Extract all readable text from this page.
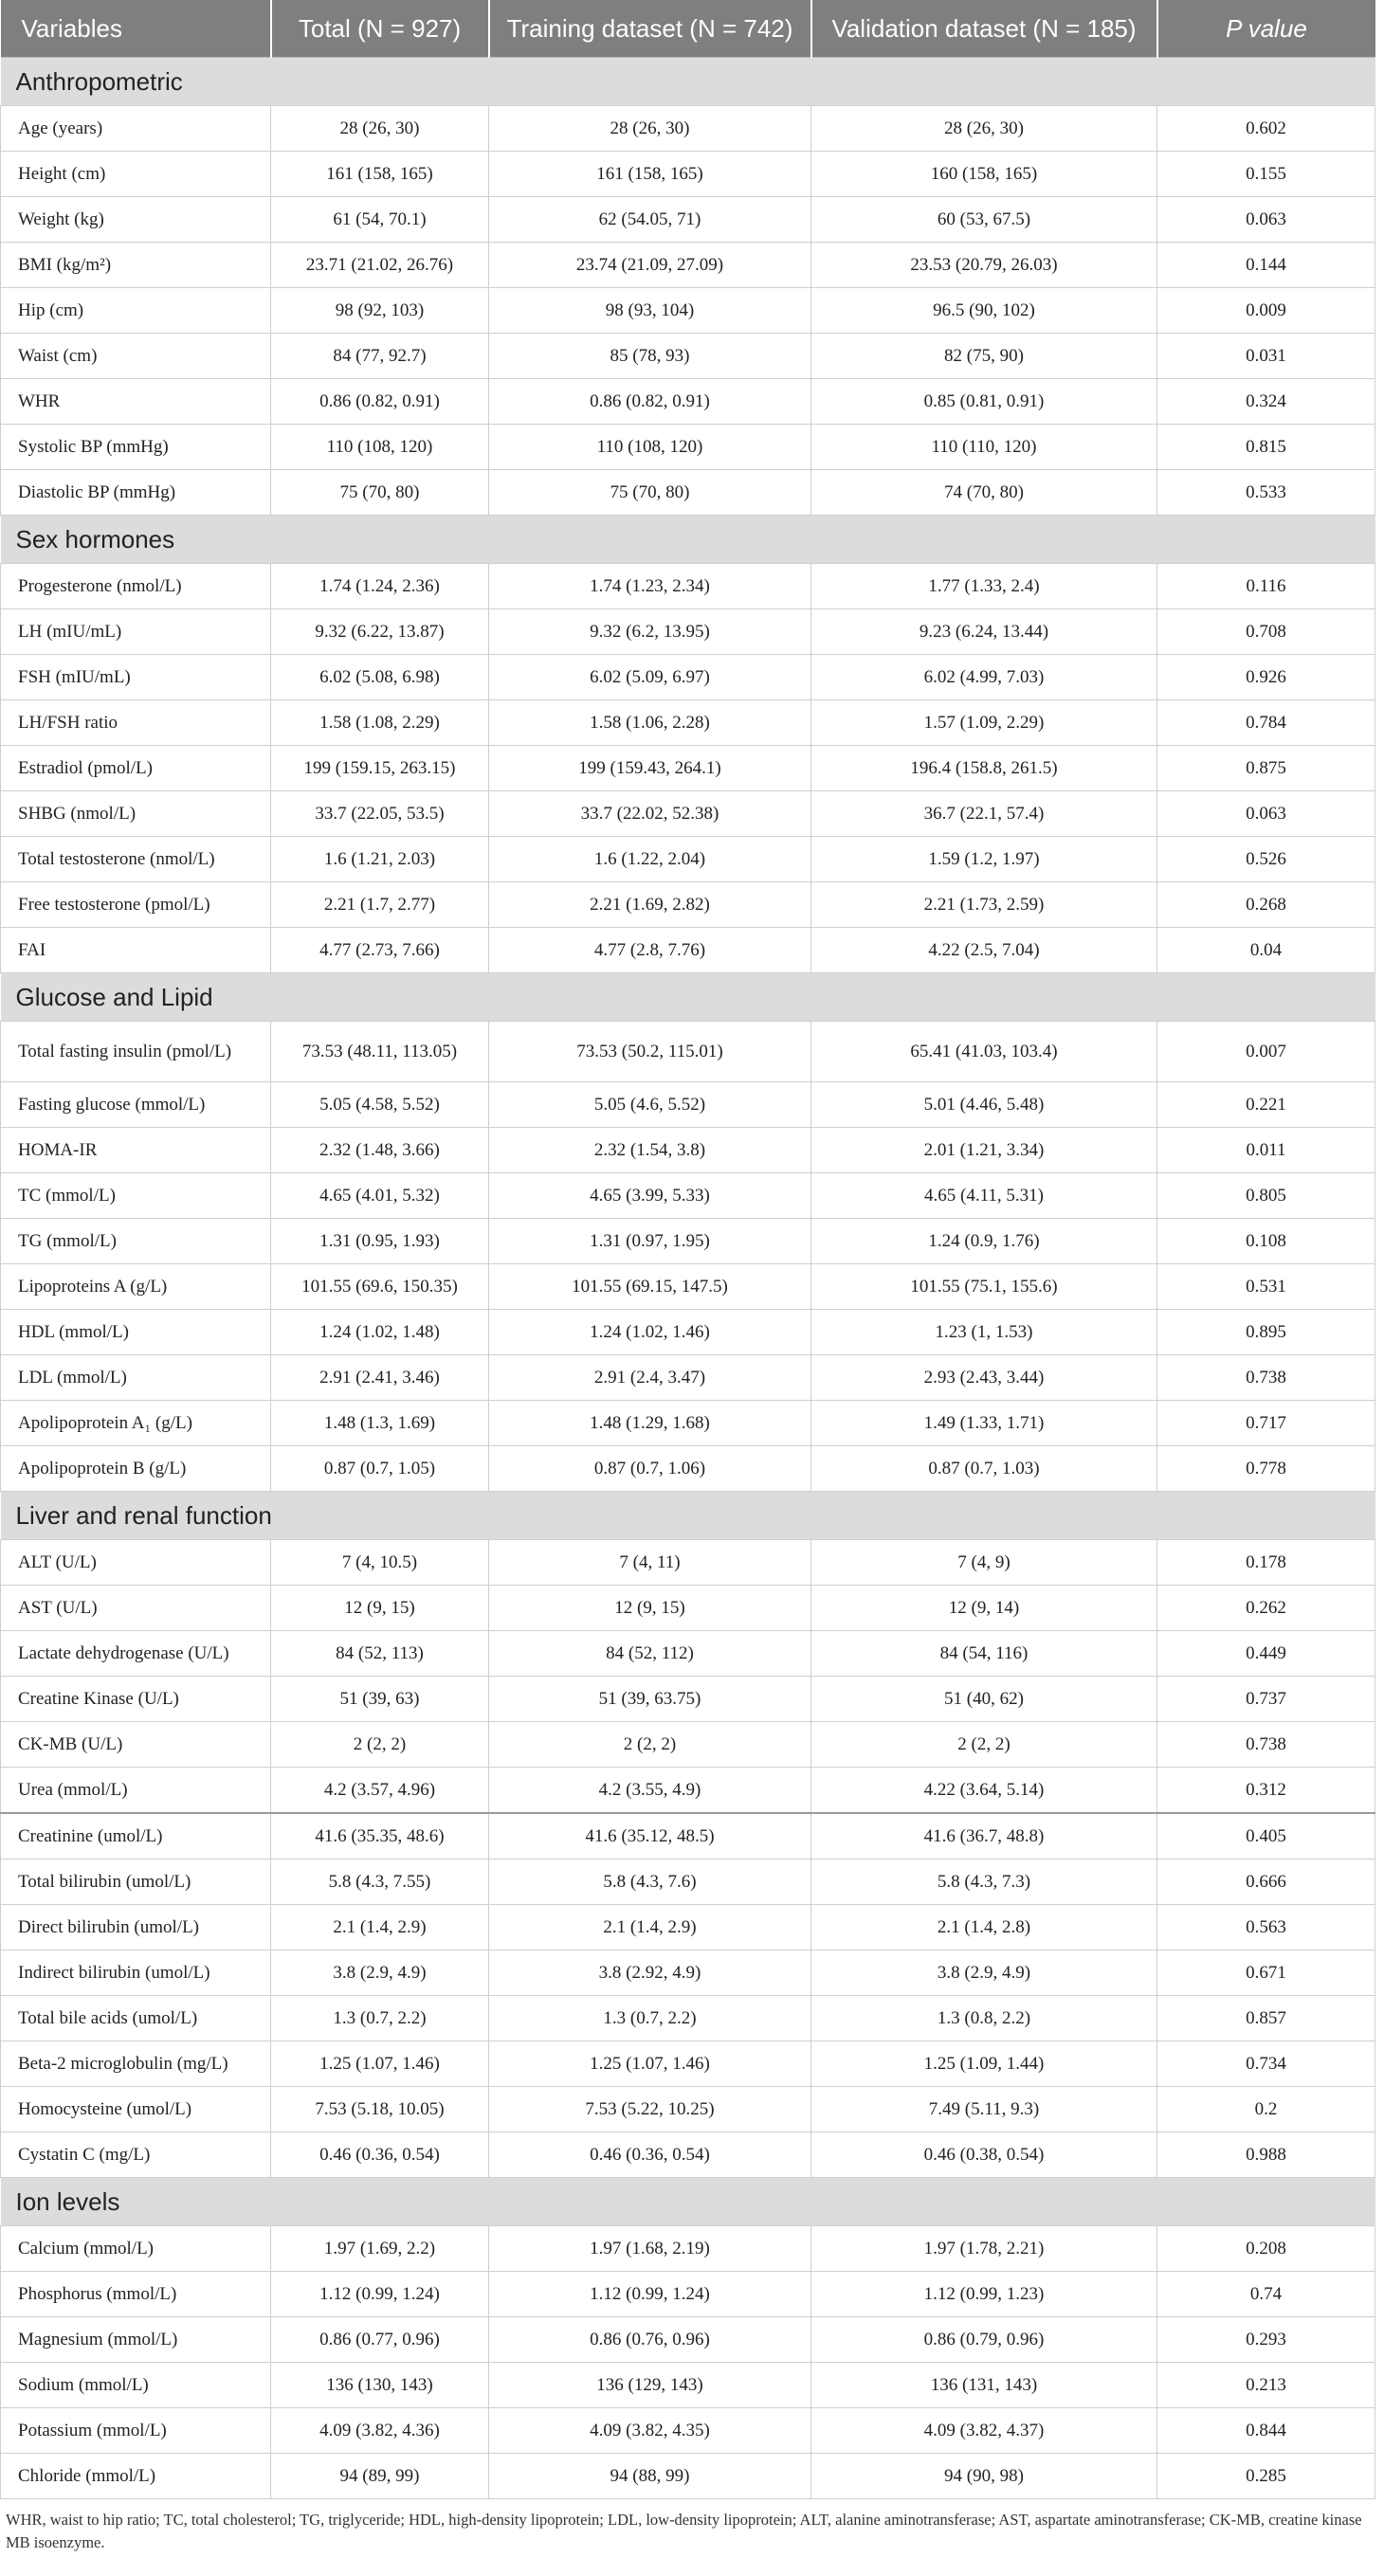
Variables	Total (N = 927)	Training dataset (N = 742)	Validation dataset (N = 185)	P value
Anthropometric				
Age (years)	28 (26, 30)	28 (26, 30)	28 (26, 30)	0.602
Height (cm)	161 (158, 165)	161 (158, 165)	160 (158, 165)	0.155
Weight (kg)	61 (54, 70.1)	62 (54.05, 71)	60 (53, 67.5)	0.063
BMI (kg/m²)	23.71 (21.02, 26.76)	23.74 (21.09, 27.09)	23.53 (20.79, 26.03)	0.144
Hip (cm)	98 (92, 103)	98 (93, 104)	96.5 (90, 102)	0.009
Waist (cm)	84 (77, 92.7)	85 (78, 93)	82 (75, 90)	0.031
WHR	0.86 (0.82, 0.91)	0.86 (0.82, 0.91)	0.85 (0.81, 0.91)	0.324
Systolic BP (mmHg)	110 (108, 120)	110 (108, 120)	110 (110, 120)	0.815
Diastolic BP (mmHg)	75 (70, 80)	75 (70, 80)	74 (70, 80)	0.533
Sex hormones				
Progesterone (nmol/L)	1.74 (1.24, 2.36)	1.74 (1.23, 2.34)	1.77 (1.33, 2.4)	0.116
LH (mIU/mL)	9.32 (6.22, 13.87)	9.32 (6.2, 13.95)	9.23 (6.24, 13.44)	0.708
FSH (mIU/mL)	6.02 (5.08, 6.98)	6.02 (5.09, 6.97)	6.02 (4.99, 7.03)	0.926
LH/FSH ratio	1.58 (1.08, 2.29)	1.58 (1.06, 2.28)	1.57 (1.09, 2.29)	0.784
Estradiol (pmol/L)	199 (159.15, 263.15)	199 (159.43, 264.1)	196.4 (158.8, 261.5)	0.875
SHBG (nmol/L)	33.7 (22.05, 53.5)	33.7 (22.02, 52.38)	36.7 (22.1, 57.4)	0.063
Total testosterone (nmol/L)	1.6 (1.21, 2.03)	1.6 (1.22, 2.04)	1.59 (1.2, 1.97)	0.526
Free testosterone (pmol/L)	2.21 (1.7, 2.77)	2.21 (1.69, 2.82)	2.21 (1.73, 2.59)	0.268
FAI	4.77 (2.73, 7.66)	4.77 (2.8, 7.76)	4.22 (2.5, 7.04)	0.04
Glucose and Lipid				
Total fasting insulin (pmol/L)	73.53 (48.11, 113.05)	73.53 (50.2, 115.01)	65.41 (41.03, 103.4)	0.007
Fasting glucose (mmol/L)	5.05 (4.58, 5.52)	5.05 (4.6, 5.52)	5.01 (4.46, 5.48)	0.221
HOMA-IR	2.32 (1.48, 3.66)	2.32 (1.54, 3.8)	2.01 (1.21, 3.34)	0.011
TC (mmol/L)	4.65 (4.01, 5.32)	4.65 (3.99, 5.33)	4.65 (4.11, 5.31)	0.805
TG (mmol/L)	1.31 (0.95, 1.93)	1.31 (0.97, 1.95)	1.24 (0.9, 1.76)	0.108
Lipoproteins A (g/L)	101.55 (69.6, 150.35)	101.55 (69.15, 147.5)	101.55 (75.1, 155.6)	0.531
HDL (mmol/L)	1.24 (1.02, 1.48)	1.24 (1.02, 1.46)	1.23 (1, 1.53)	0.895
LDL (mmol/L)	2.91 (2.41, 3.46)	2.91 (2.4, 3.47)	2.93 (2.43, 3.44)	0.738
Apolipoprotein A₁ (g/L)	1.48 (1.3, 1.69)	1.48 (1.29, 1.68)	1.49 (1.33, 1.71)	0.717
Apolipoprotein B (g/L)	0.87 (0.7, 1.05)	0.87 (0.7, 1.06)	0.87 (0.7, 1.03)	0.778
Liver and renal function				
ALT (U/L)	7 (4, 10.5)	7 (4, 11)	7 (4, 9)	0.178
AST (U/L)	12 (9, 15)	12 (9, 15)	12 (9, 14)	0.262
Lactate dehydrogenase (U/L)	84 (52, 113)	84 (52, 112)	84 (54, 116)	0.449
Creatine Kinase (U/L)	51 (39, 63)	51 (39, 63.75)	51 (40, 62)	0.737
CK-MB (U/L)	2 (2, 2)	2 (2, 2)	2 (2, 2)	0.738
Urea (mmol/L)	4.2 (3.57, 4.96)	4.2 (3.55, 4.9)	4.22 (3.64, 5.14)	0.312
Creatinine (umol/L)	41.6 (35.35, 48.6)	41.6 (35.12, 48.5)	41.6 (36.7, 48.8)	0.405
Total bilirubin (umol/L)	5.8 (4.3, 7.55)	5.8 (4.3, 7.6)	5.8 (4.3, 7.3)	0.666
Direct bilirubin (umol/L)	2.1 (1.4, 2.9)	2.1 (1.4, 2.9)	2.1 (1.4, 2.8)	0.563
Indirect bilirubin (umol/L)	3.8 (2.9, 4.9)	3.8 (2.92, 4.9)	3.8 (2.9, 4.9)	0.671
Total bile acids (umol/L)	1.3 (0.7, 2.2)	1.3 (0.7, 2.2)	1.3 (0.8, 2.2)	0.857
Beta-2 microglobulin (mg/L)	1.25 (1.07, 1.46)	1.25 (1.07, 1.46)	1.25 (1.09, 1.44)	0.734
Homocysteine (umol/L)	7.53 (5.18, 10.05)	7.53 (5.22, 10.25)	7.49 (5.11, 9.3)	0.2
Cystatin C (mg/L)	0.46 (0.36, 0.54)	0.46 (0.36, 0.54)	0.46 (0.38, 0.54)	0.988
Ion levels				
Calcium (mmol/L)	1.97 (1.69, 2.2)	1.97 (1.68, 2.19)	1.97 (1.78, 2.21)	0.208
Phosphorus (mmol/L)	1.12 (0.99, 1.24)	1.12 (0.99, 1.24)	1.12 (0.99, 1.23)	0.74
Magnesium (mmol/L)	0.86 (0.77, 0.96)	0.86 (0.76, 0.96)	0.86 (0.79, 0.96)	0.293
Sodium (mmol/L)	136 (130, 143)	136 (129, 143)	136 (131, 143)	0.213
Potassium (mmol/L)	4.09 (3.82, 4.36)	4.09 (3.82, 4.35)	4.09 (3.82, 4.37)	0.844
Chloride (mmol/L)	94 (89, 99)	94 (88, 99)	94 (90, 98)	0.285
WHR, waist to hip ratio; TC, total cholesterol; TG, triglyceride; HDL, high-density lipoprotein; LDL, low-density lipoprotein; ALT, alanine aminotransferase; AST, aspartate aminotransferase; CK-MB, creatine kinase MB isoenzyme.
